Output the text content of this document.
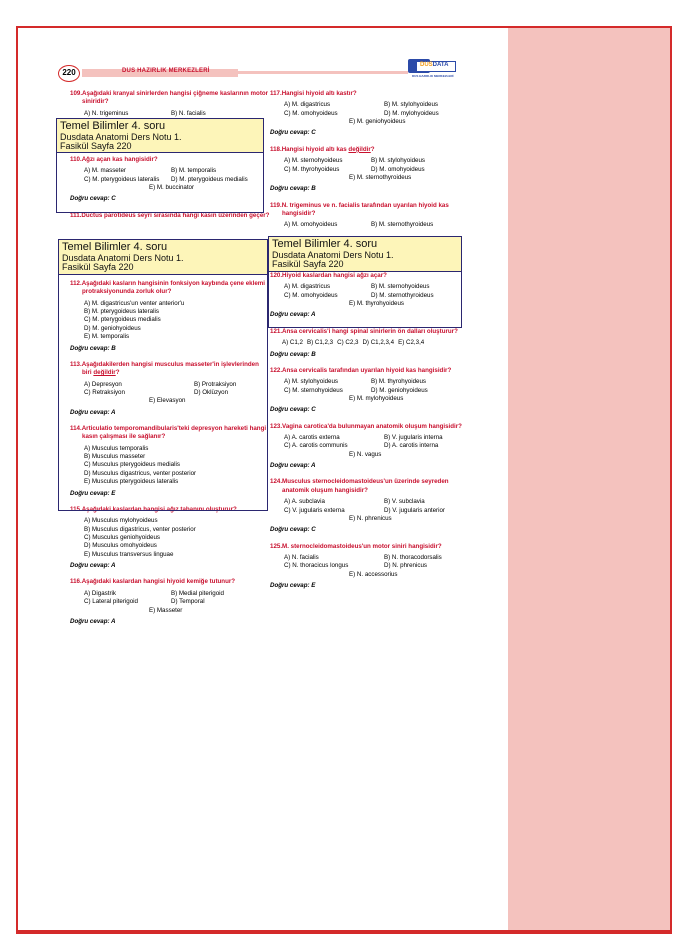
220	DUS HAZIRLIK MERKEZLERİ
DUSDATA
DUS HAZIRLIK MERKEZLERİ
109.Aşağıdaki kranyal sinirlerden hangisi çiğneme kaslarının motor siniridir?
A) N. trigeminus	B) N. facialis
110.Ağzı açan kas hangisidir?
A) M. masseter	B) M. temporalis
C) M. pterygoideus lateralis	D) M. pterygoideus medialis
E) M. buccinator
Doğru cevap: C
111.Ductus parotideus seyri sırasında hangi kasın üzerinden geçer?
112.Aşağıdaki kasların hangisinin fonksiyon kaybında çene eklemi protraksiyonunda zorluk olur?
A) M. digastricus'un venter anterior'u
B) M. pterygoideus lateralis
C) M. pterygoideus medialis
D) M. geniohyoideus
E) M. temporalis
Doğru cevap: B
113.Aşağıdakilerden hangisi musculus masseter'in işlevlerinden biri değildir?
A) Depresyon	B) Protraksiyon
C) Retraksiyon	D) Oklüzyon
E) Elevasyon
Doğru cevap: A
114.Articulatio temporomandibularis'teki depresyon hareketi hangi kasın çalışması ile sağlanır?
A) Musculus temporalis
B) Musculus masseter
C) Musculus pterygoideus medialis
D) Musculus digastricus, venter posterior
E) Musculus pterygoideus lateralis
Doğru cevap: E
115.Aşağıdaki kaslardan hangisi ağız tabanını oluşturur?
A) Musculus mylohyoideus
B) Musculus digastricus, venter posterior
C) Musculus geniohyoideus
D) Musculus omohyoideus
E) Musculus transversus linguae
Doğru cevap: A
116.Aşağıdaki kaslardan hangisi hiyoid kemiğe tutunur?
A) Digastrik	B) Medial piterigoid
C) Lateral piterigoid	D) Temporal
E) Masseter
Doğru cevap: A
117.Hangisi hiyoid altı kastır?
A) M. digastricus	B) M. stylohyoideus
C) M. omohyoideus	D) M. mylohyoideus
E) M. geniohyoideus
Doğru cevap: C
118.Hangisi hiyoid altı kas değildir?
A) M. sternohyoideus	B) M. stylohyoideus
C) M. thyrohyoideus	D) M. omohyoideus
E) M. sternothyroideus
Doğru cevap: B
119.N. trigeminus ve n. facialis tarafından uyarılan hiyoid kas hangisidir?
A) M. omohyoideus	B) M. sternothyroideus
120.Hiyoid kaslardan hangisi ağzı açar?
A) M. digastricus	B) M. sternohyoideus
C) M. omohyoideus	D) M. sternothyroideus
E) M. thyrohyoideus
Doğru cevap: A
121.Ansa cervicalis'i hangi spinal sinirlerin ön dalları oluşturur?
A) C1,2 B) C1,2,3 C) C2,3 D) C1,2,3,4 E) C2,3,4
Doğru cevap: B
122.Ansa cervicalis tarafından uyarılan hiyoid kas hangisidir?
A) M. stylohyoideus	B) M. thyrohyoideus
C) M. sternohyoideus	D) M. geniohyoideus
E) M. mylohyoideus
Doğru cevap: C
123.Vagina carotica'da bulunmayan anatomik oluşum hangisidir?
A) A. carotis externa	B) V. jugularis interna
C) A. carotis communis	D) A. carotis interna
E) N. vagus
Doğru cevap: A
124.Musculus sternocleidomastoideus'un üzerinde seyreden anatomik oluşum hangisidir?
A) A. subclavia	B) V. subclavia
C) V. jugularis externa	D) V. jugularis anterior
E) N. phrenicus
Doğru cevap: C
125.M. sternocleidomastoideus'un motor siniri hangisidir?
A) N. facialis	B) N. thoracodorsalis
C) N. thoracicus longus	D) N. phrenicus
E) N. accessorius
Doğru cevap: E
Temel Bilimler 4. soru
Dusdata Anatomi Ders Notu 1.
Fasikül Sayfa 220
Temel Bilimler 4. soru
Dusdata Anatomi Ders Notu 1.
Fasikül Sayfa 220
Temel Bilimler 4. soru
Dusdata Anatomi Ders Notu 1.
Fasikül Sayfa 220
